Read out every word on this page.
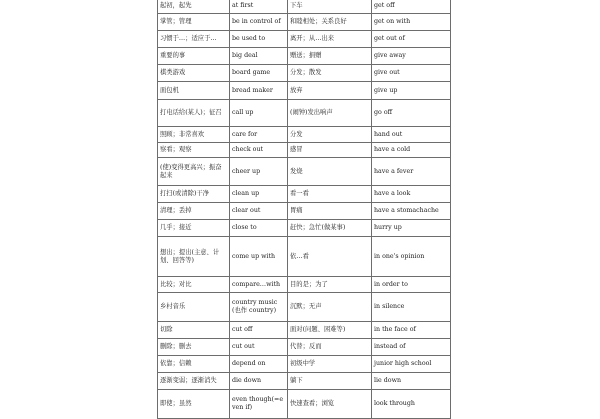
起初，起先	at first	下车	get off
掌管；管理	be in control of	和睦相处；关系良好	get on with
习惯于…；适应于…	be used to	离开；从…出来	get out of
重要的事	big deal	赠送；捐赠	give away
棋类游戏	board game	分发；散发	give out
面包机	bread maker	放弃	give up
打电话给(某人)；征召	call up	(闹钟)发出响声	go off
照顾；非常喜欢	care for	分发	hand out
察看；观察	check out	感冒	have a cold
(使)变得更高兴；振奋起来	cheer up	发烧	have a fever
打扫(或清除)干净	clean up	看一看	have a look
清理；丢掉	clear out	胃痛	have a stomachache
几乎；接近	close to	赶快；急忙(做某事)	hurry up
想出；提出(主意、计划、回答等)	come up with	依…看	in one's opinion
比较；对比	compare…with	目的是；为了	in order to
乡村音乐	country music(也作 country)	沉默；无声	in silence
切除	cut off	面对(问题、困难等)	in the face of
删除；删去	cut out	代替；反而	instead of
依靠；信赖	depend on	初级中学	junior high school
逐渐变弱；逐渐消失	die down	躺下	lie down
即使；虽然	even though(=even if)	快速查看；浏览	look through
